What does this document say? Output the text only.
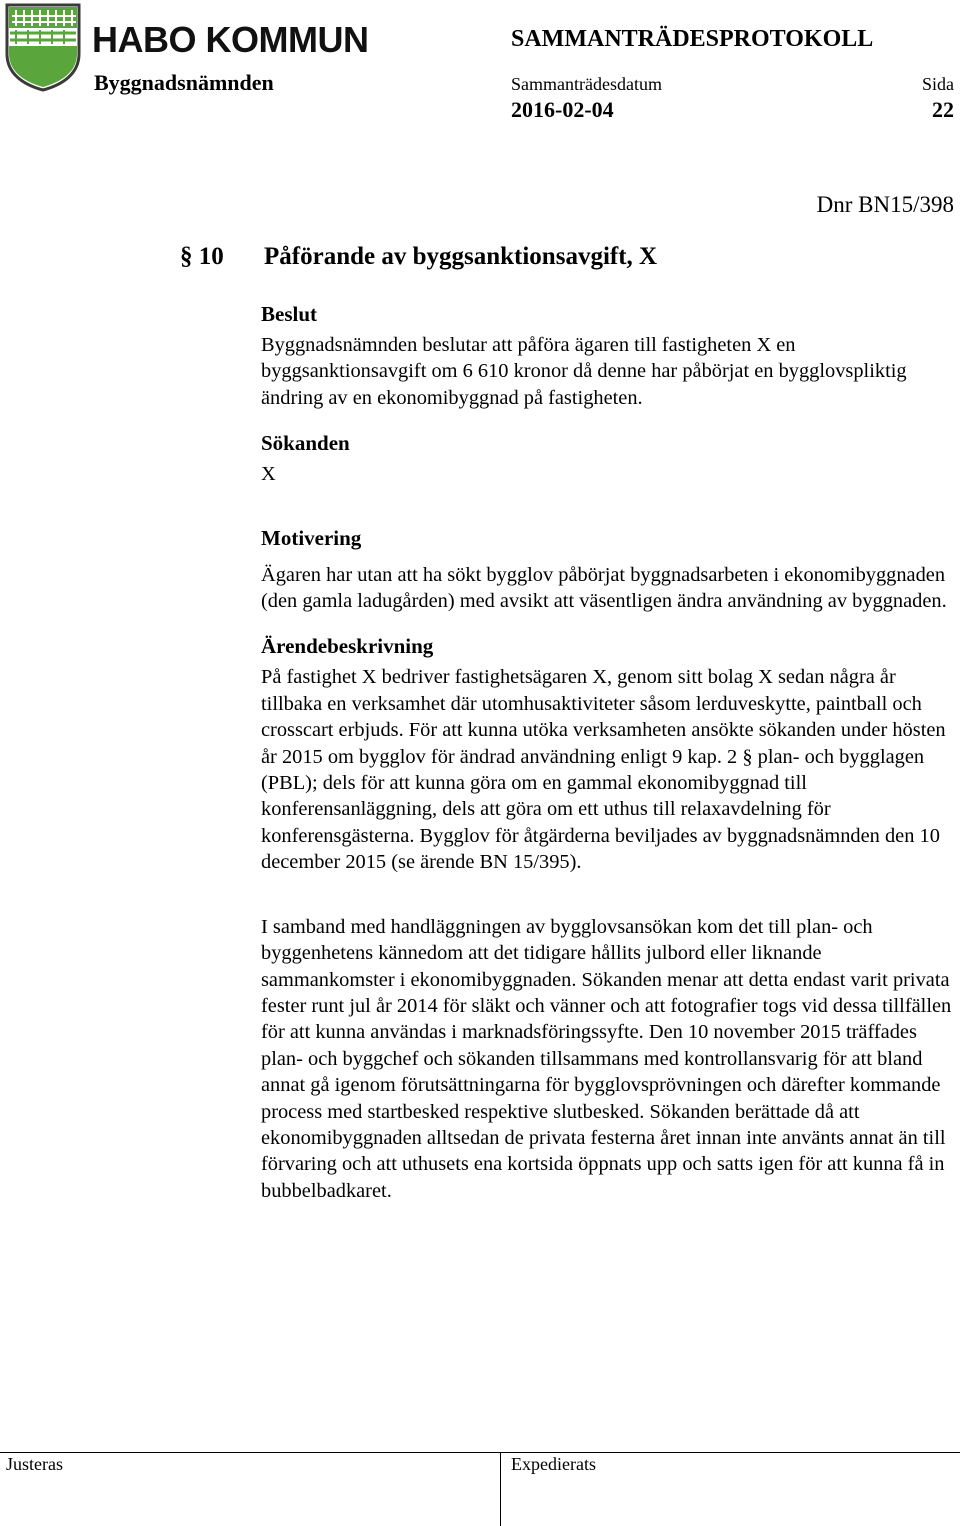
HABO KOMMUN	SAMMANTRÄDESPROTOKOLL
Byggnadsnämnden	Sammanträdesdatum
2016-02-04
Sida
22
Dnr BN15/398
§ 10 Påförande av byggsanktionsavgift, X
Beslut

Byggnadsnämnden beslutar att påföra ägaren till fastigheten X en byggsanktionsavgift om 6 610 kronor då denne har påbörjat en bygglovspliktig ändring av en ekonomibyggnad på fastigheten.

Sökanden

X

Motivering

Ägaren har utan att ha sökt bygglov påbörjat byggnadsarbeten i ekonomibyggnaden (den gamla ladugården) med avsikt att väsentligen ändra användning av byggnaden.

Ärendebeskrivning

På fastighet X bedriver fastighetsägaren X, genom sitt bolag X sedan några år tillbaka en verksamhet där utomhusaktiviteter såsom lerduveskytte, paintball och crosscart erbjuds. För att kunna utöka verksamheten ansökte sökanden under hösten år 2015 om bygglov för ändrad användning enligt 9 kap. 2 § plan- och bygglagen (PBL); dels för att kunna göra om en gammal ekonomibyggnad till konferensanläggning, dels att göra om ett uthus till relaxavdelning för konferensgästerna. Bygglov för åtgärderna beviljades av byggnadsnämnden den 10 december 2015 (se ärende BN 15/395).

I samband med handläggningen av bygglovsansökan kom det till plan- och byggenhetens kännedom att det tidigare hållits julbord eller liknande sammankomster i ekonomibyggnaden. Sökanden menar att detta endast varit privata fester runt jul år 2014 för släkt och vänner och att fotografier togs vid dessa tillfällen för att kunna användas i marknadsföringssyfte. Den 10 november 2015 träffades plan- och byggchef och sökanden tillsammans med kontrollansvarig för att bland annat gå igenom förutsättningarna för bygglovsprövningen och därefter kommande process med startbesked respektive slutbesked. Sökanden berättade då att ekonomibyggnaden alltsedan de privata festerna året innan inte använts annat än till förvaring och att uthusets ena kortsida öppnats upp och satts igen för att kunna få in bubbelbadkaret.

Justeras	Expedierats
